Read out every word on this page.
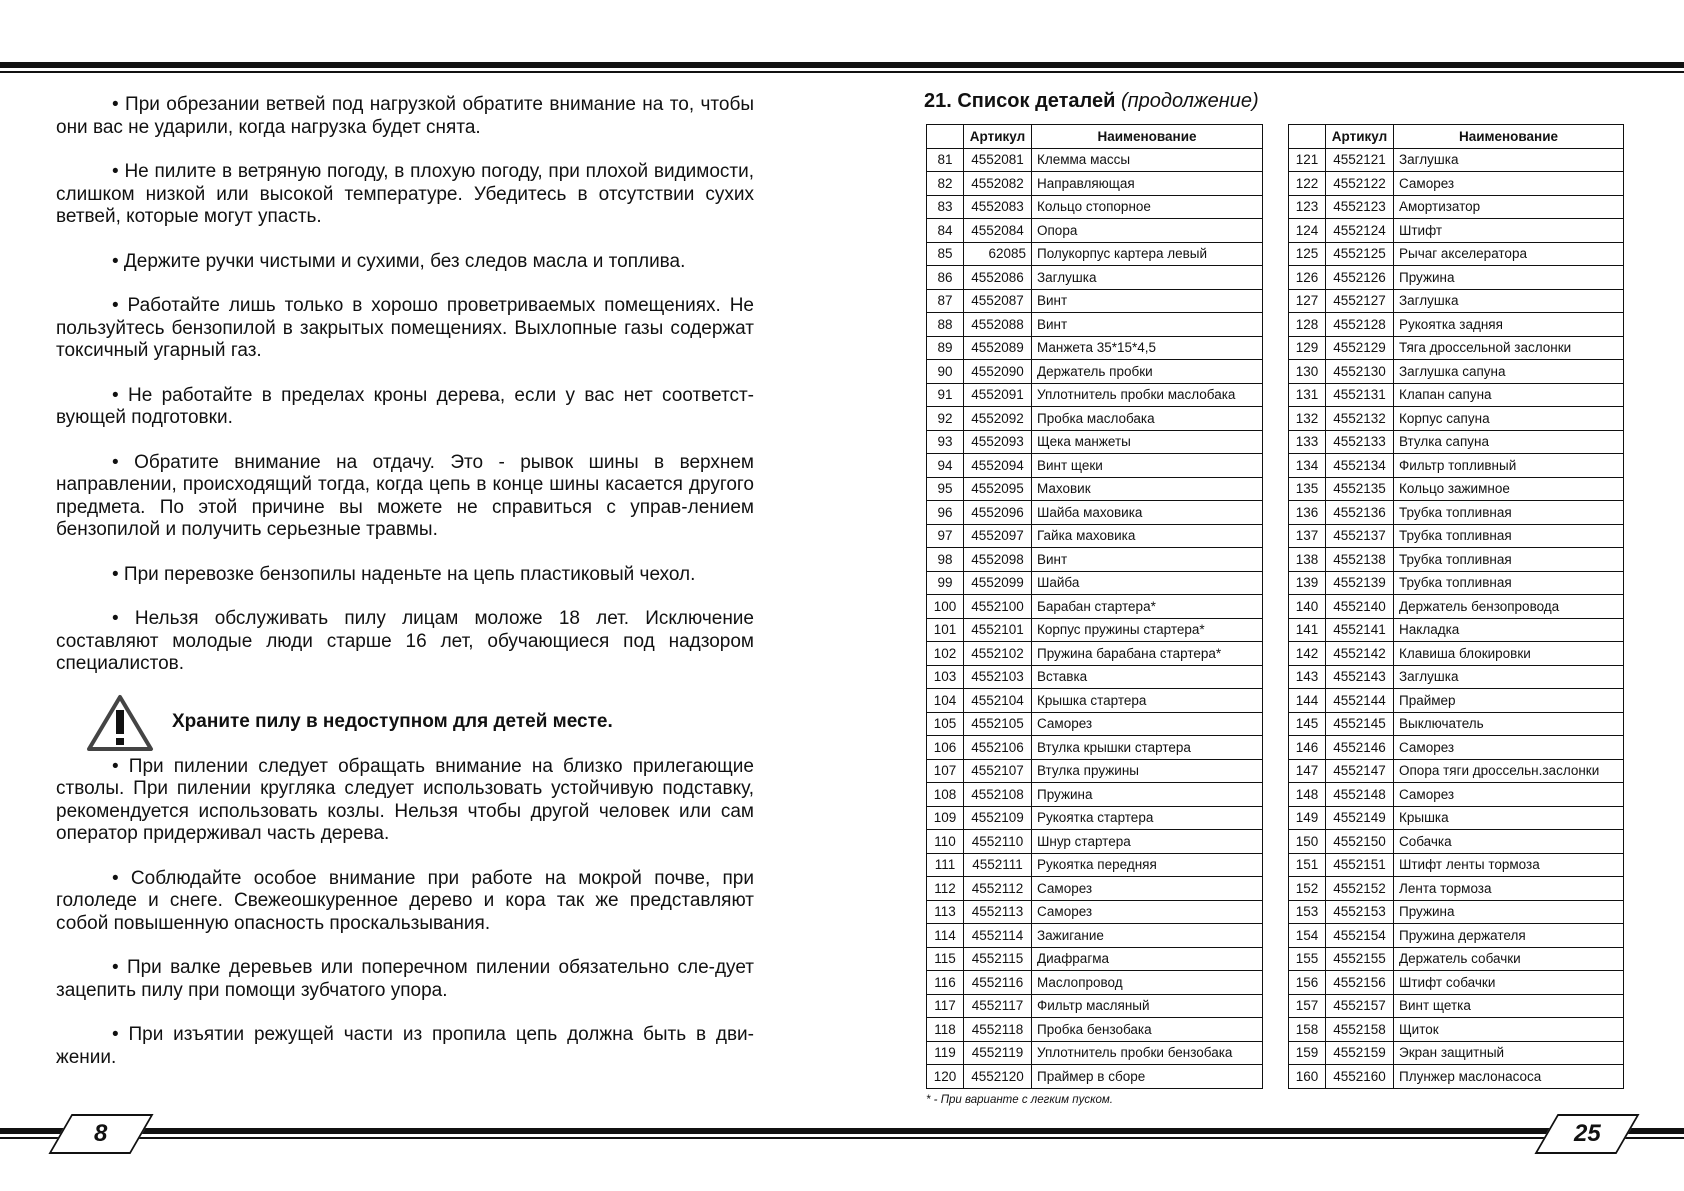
• При обрезании ветвей под нагрузкой обратите внимание на то, чтобы они вас не ударили, когда нагрузка будет снята.

• Не пилите в ветряную погоду, в плохую погоду, при плохой видимости, слишком низкой или высокой температуре. Убедитесь в отсутствии сухих ветвей, которые могут упасть.

• Держите ручки чистыми и сухими, без следов масла и топлива.

• Работайте лишь только в хорошо проветриваемых помещениях. Не пользуйтесь бензопилой в закрытых помещениях. Выхлопные газы содержат токсичный угарный газ.

• Не работайте в пределах кроны дерева, если у вас нет соответст-вующей подготовки.

• Обратите внимание на отдачу. Это - рывок шины в верхнем направлении, происходящий тогда, когда цепь в конце шины касается другого предмета. По этой причине вы можете не справиться с управ-лением бензопилой и получить серьезные травмы.

• При перевозке бензопилы наденьте на цепь пластиковый чехол.

• Нельзя обслуживать пилу лицам моложе 18 лет. Исключение составляют молодые люди старше 16 лет, обучающиеся под надзором специалистов.

Храните пилу в недоступном для детей месте.

• При пилении следует обращать внимание на близко прилегающие стволы. При пилении кругляка следует использовать устойчивую подставку, рекомендуется использовать козлы. Нельзя чтобы другой человек или сам оператор придерживал часть дерева.

• Соблюдайте особое внимание при работе на мокрой почве, при гололеде и снеге. Свежеошкуренное дерево и кора так же представляют собой повышенную опасность проскальзывания.

• При валке деревьев или поперечном пилении обязательно сле-дует зацепить пилу при помощи зубчатого упора.

• При изъятии режущей части из пропила цепь должна быть в дви-жении.

8
21. Список деталей (продолжение)
	Артикул	Наименование
81	4552081	Клемма массы
82	4552082	Направляющая
83	4552083	Кольцо стопорное
84	4552084	Опора
85	62085	Полукорпус картера левый
86	4552086	Заглушка
87	4552087	Винт
88	4552088	Винт
89	4552089	Манжета 35*15*4,5
90	4552090	Держатель пробки
91	4552091	Уплотнитель пробки маслобака
92	4552092	Пробка маслобака
93	4552093	Щека манжеты
94	4552094	Винт щеки
95	4552095	Маховик
96	4552096	Шайба маховика
97	4552097	Гайка маховика
98	4552098	Винт
99	4552099	Шайба
100	4552100	Барабан стартера*
101	4552101	Корпус пружины стартера*
102	4552102	Пружина барабана стартера*
103	4552103	Вставка
104	4552104	Крышка стартера
105	4552105	Саморез
106	4552106	Втулка крышки стартера
107	4552107	Втулка пружины
108	4552108	Пружина
109	4552109	Рукоятка стартера
110	4552110	Шнур стартера
111	4552111	Рукоятка передняя
112	4552112	Саморез
113	4552113	Саморез
114	4552114	Зажигание
115	4552115	Диафрагма
116	4552116	Маслопровод
117	4552117	Фильтр масляный
118	4552118	Пробка бензобака
119	4552119	Уплотнитель пробки бензобака
120	4552120	Праймер в сборе
	Артикул	Наименование
121	4552121	Заглушка
122	4552122	Саморез
123	4552123	Амортизатор
124	4552124	Штифт
125	4552125	Рычаг акселератора
126	4552126	Пружина
127	4552127	Заглушка
128	4552128	Рукоятка задняя
129	4552129	Тяга дроссельной заслонки
130	4552130	Заглушка сапуна
131	4552131	Клапан сапуна
132	4552132	Корпус сапуна
133	4552133	Втулка сапуна
134	4552134	Фильтр топливный
135	4552135	Кольцо зажимное
136	4552136	Трубка топливная
137	4552137	Трубка топливная
138	4552138	Трубка топливная
139	4552139	Трубка топливная
140	4552140	Держатель бензопровода
141	4552141	Накладка
142	4552142	Клавиша блокировки
143	4552143	Заглушка
144	4552144	Праймер
145	4552145	Выключатель
146	4552146	Саморез
147	4552147	Опора тяги дроссельн.заслонки
148	4552148	Саморез
149	4552149	Крышка
150	4552150	Собачка
151	4552151	Штифт ленты тормоза
152	4552152	Лента тормоза
153	4552153	Пружина
154	4552154	Пружина держателя
155	4552155	Держатель собачки
156	4552156	Штифт собачки
157	4552157	Винт щетка
158	4552158	Щиток
159	4552159	Экран защитный
160	4552160	Плунжер маслонасоса
* - При варианте с легким пуском.
25
